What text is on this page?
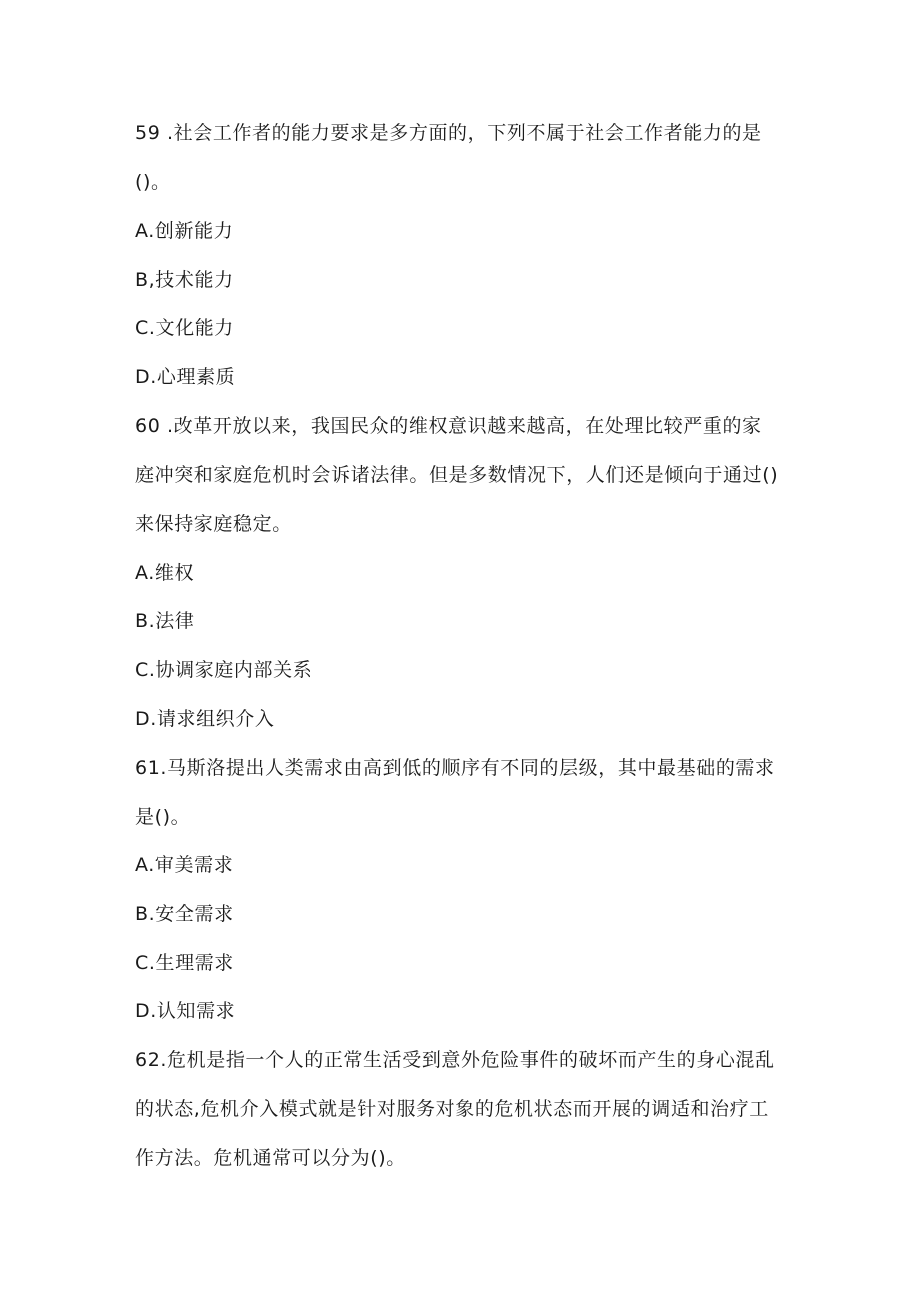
59 .社会工作者的能力要求是多方面的，下列不属于社会工作者能力的是
()。
A.创新能力
B,技术能力
C.文化能力
D.心理素质
60 .改革开放以来，我国民众的维权意识越来越高，在处理比较严重的家
庭冲突和家庭危机时会诉诸法律。但是多数情况下，人们还是倾向于通过()
来保持家庭稳定。
A.维权
B.法律
C.协调家庭内部关系
D.请求组织介入
61.马斯洛提出人类需求由高到低的顺序有不同的层级，其中最基础的需求
是()。
A.审美需求
B.安全需求
C.生理需求
D.认知需求
62.危机是指一个人的正常生活受到意外危险事件的破坏而产生的身心混乱
的状态,危机介入模式就是针对服务对象的危机状态而开展的调适和治疗工
作方法。危机通常可以分为()。
